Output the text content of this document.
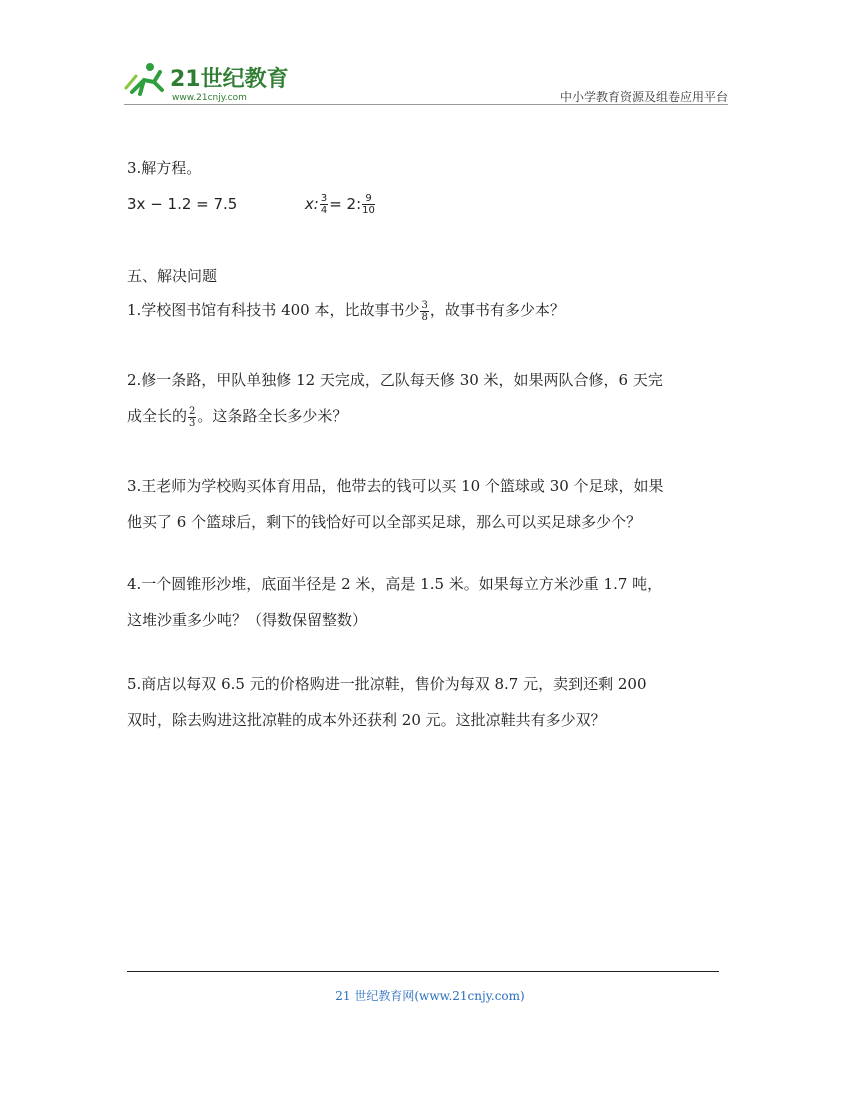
21世纪教育
www.21cnjy.com	中小学教育资源及组卷应用平台
3.解方程。
3x − 1.2 = 7.5	x: $\frac{3}{4} = 2$: $\frac{9}{10}$
五、解决问题
1.学校图书馆有科技书 400 本，比故事书少 $\frac{3}{8}$ ，故事书有多少本？
2.修一条路，甲队单独修 12 天完成，乙队每天修 30 米，如果两队合修，6 天完
成全长的 $\frac{2}{3}$ 。这条路全长多少米？
3.王老师为学校购买体育用品，他带去的钱可以买 10 个篮球或 30 个足球，如果
他买了 6 个篮球后，剩下的钱恰好可以全部买足球，那么可以买足球多少个？
4.一个圆锥形沙堆，底面半径是 2 米，高是 1.5 米。如果每立方米沙重 1.7 吨，
这堆沙重多少吨？（得数保留整数）
5.商店以每双 6.5 元的价格购进一批凉鞋，售价为每双 8.7 元，卖到还剩 200
双时，除去购进这批凉鞋的成本外还获利 20 元。这批凉鞋共有多少双？
21 世纪教育网(www.21cnjy.com)
